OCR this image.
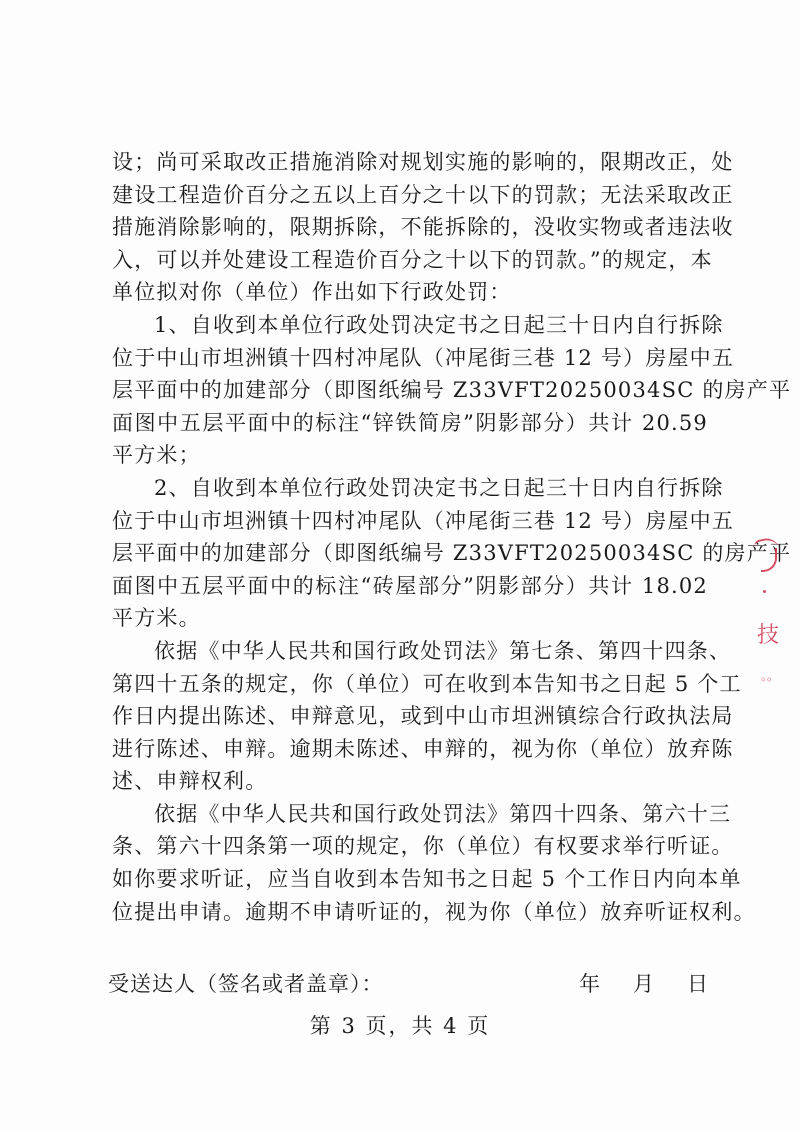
设；尚可采取改正措施消除对规划实施的影响的，限期改正，处
建设工程造价百分之五以上百分之十以下的罚款；无法采取改正
措施消除影响的，限期拆除，不能拆除的，没收实物或者违法收
入，可以并处建设工程造价百分之十以下的罚款。”的规定，本
单位拟对你（单位）作出如下行政处罚：
1、自收到本单位行政处罚决定书之日起三十日内自行拆除
位于中山市坦洲镇十四村冲尾队（冲尾街三巷 12 号）房屋中五
层平面中的加建部分（即图纸编号 Z33VFT20250034SC 的房产平
面图中五层平面中的标注“锌铁简房”阴影部分）共计 20.59
平方米；
2、自收到本单位行政处罚决定书之日起三十日内自行拆除
位于中山市坦洲镇十四村冲尾队（冲尾街三巷 12 号）房屋中五
层平面中的加建部分（即图纸编号 Z33VFT20250034SC 的房产平
面图中五层平面中的标注“砖屋部分”阴影部分）共计 18.02
平方米。
依据《中华人民共和国行政处罚法》第七条、第四十四条、
第四十五条的规定，你（单位）可在收到本告知书之日起 5 个工
作日内提出陈述、申辩意见，或到中山市坦洲镇综合行政执法局
进行陈述、申辩。逾期未陈述、申辩的，视为你（单位）放弃陈
述、申辩权利。
依据《中华人民共和国行政处罚法》第四十四条、第六十三
条、第六十四条第一项的规定，你（单位）有权要求举行听证。
如你要求听证，应当自收到本告知书之日起 5 个工作日内向本单
位提出申请。逾期不申请听证的，视为你（单位）放弃听证权利。
受送达人（签名或者盖章）：	年	月	日
第 3 页，共 4 页
技
。。
